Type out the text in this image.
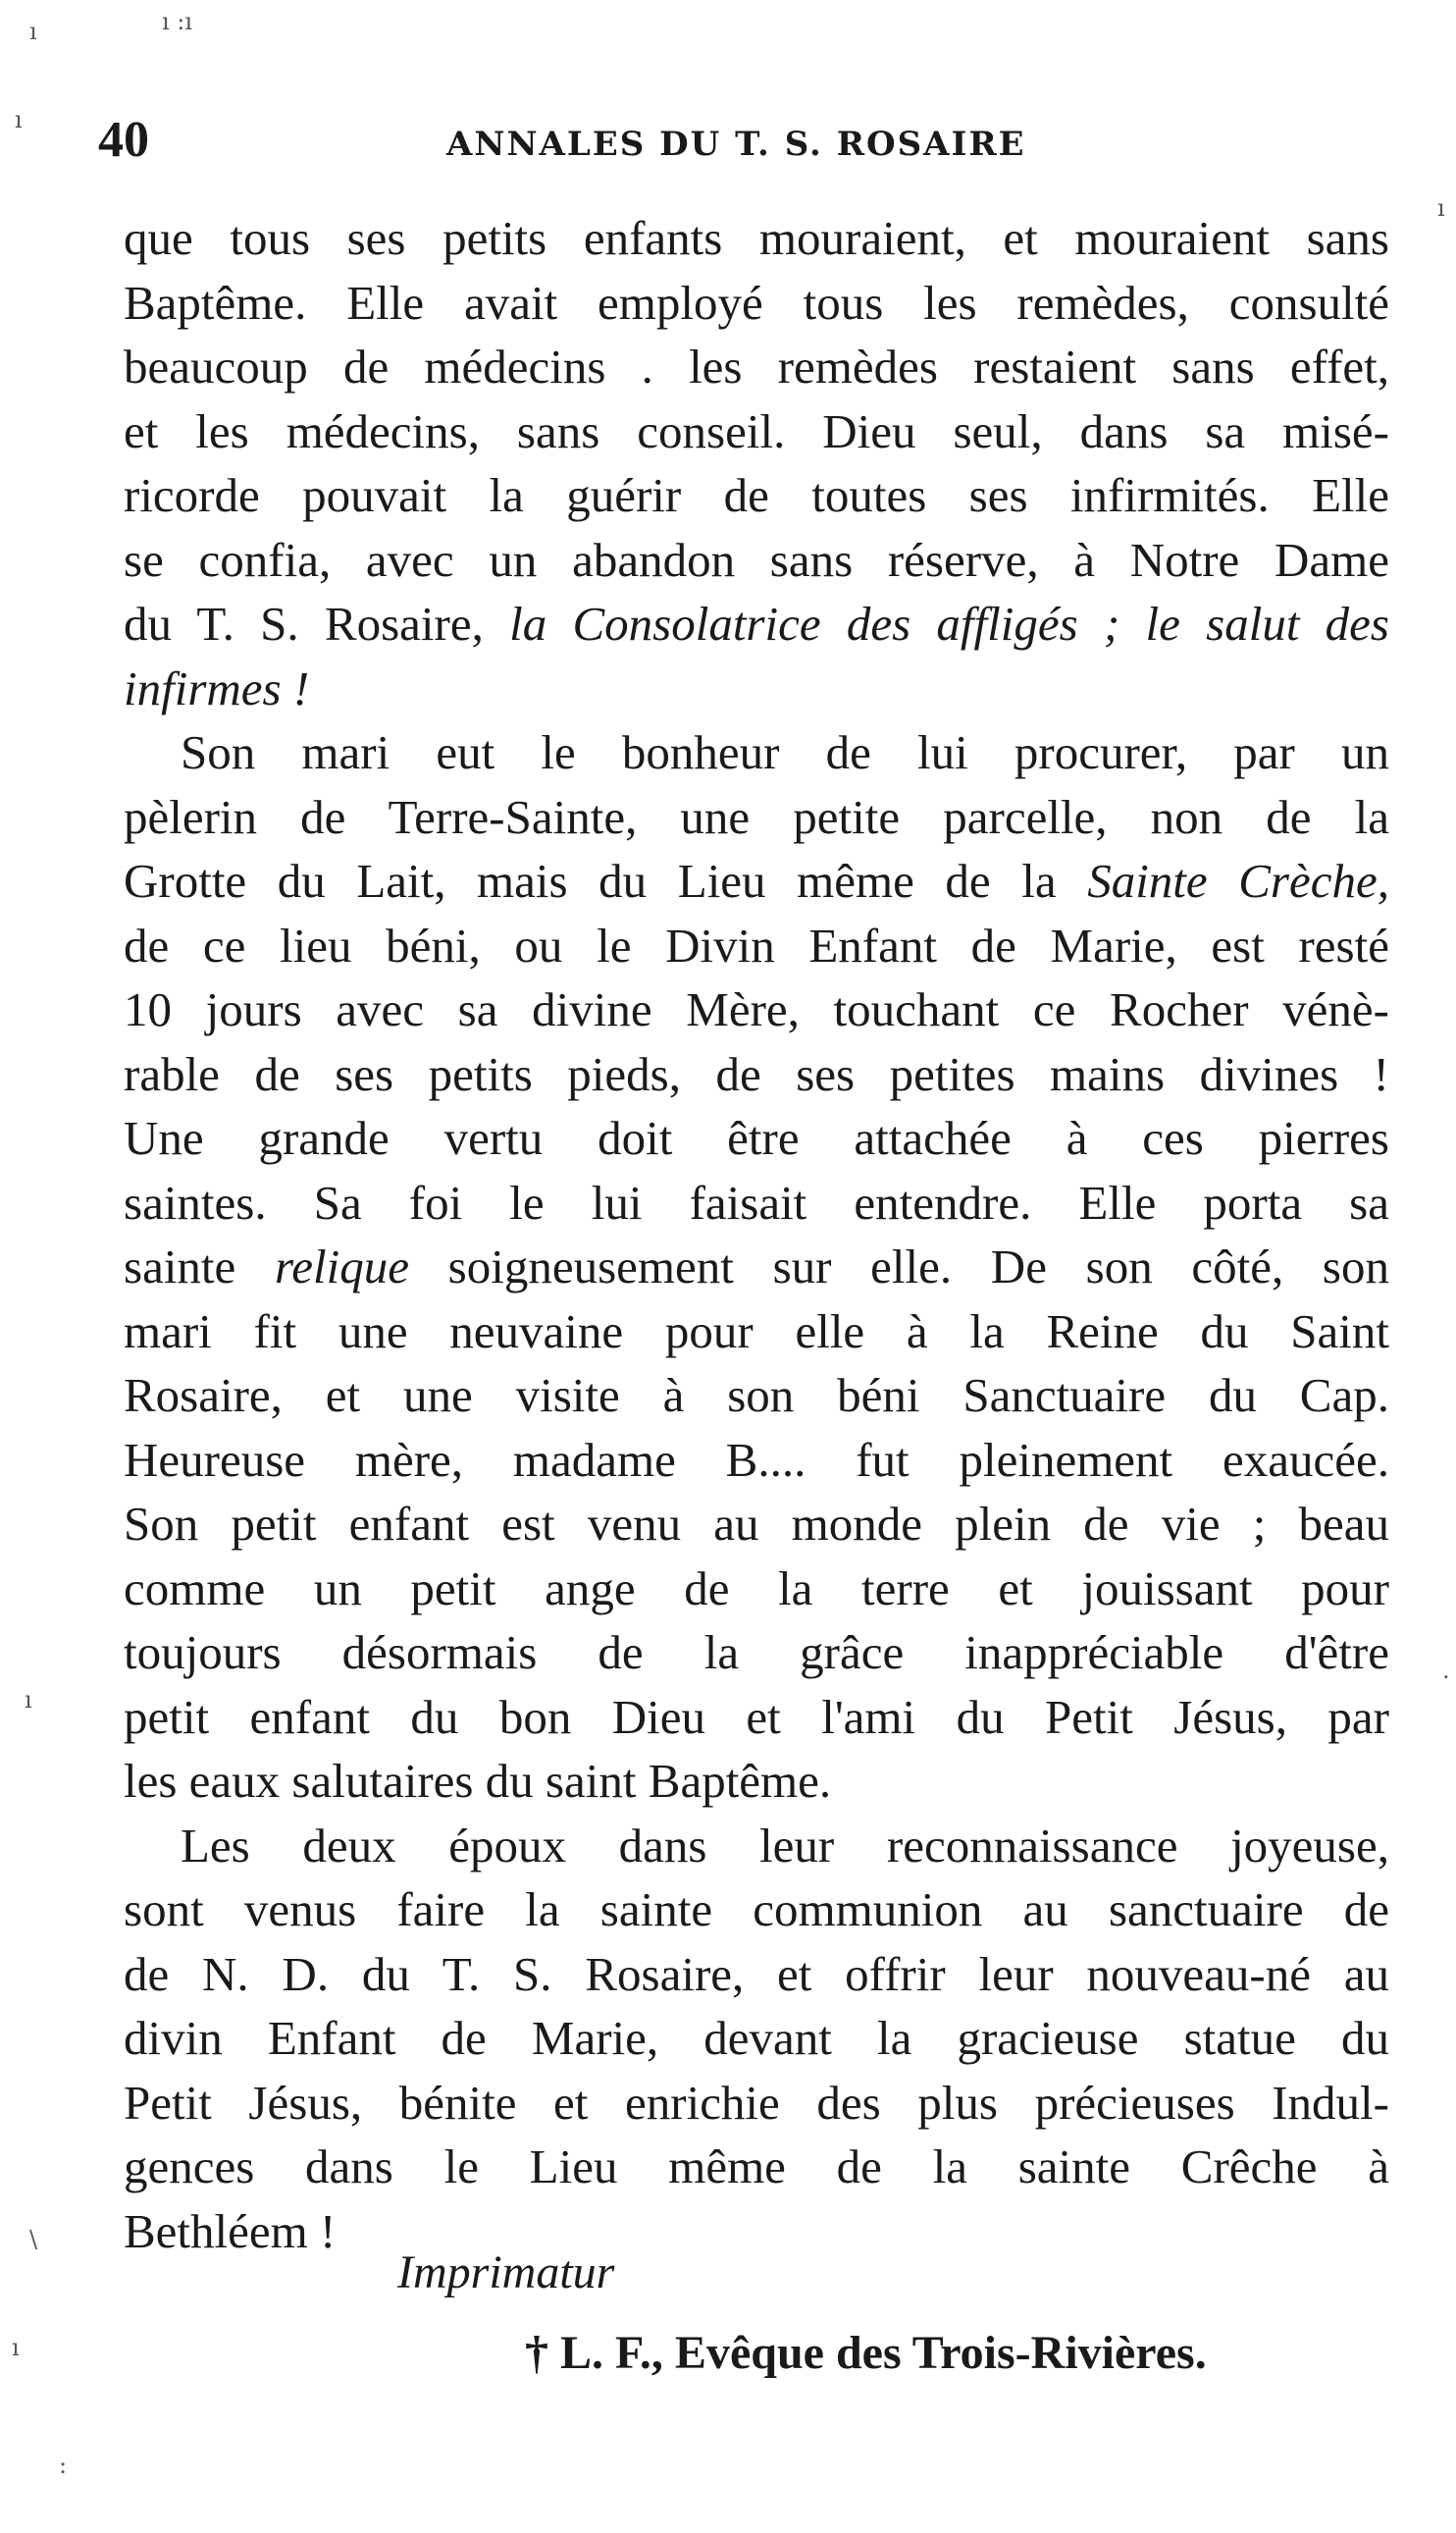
ı	ı :ı
ı
ı
.
ı
\
ı
:
40	ANNALES DU T. S. ROSAIRE
que tous ses petits enfants mouraient, et mouraient sans
Baptême. Elle avait employé tous les remèdes, consulté
beaucoup de médecins . les remèdes restaient sans effet,
et les médecins, sans conseil. Dieu seul, dans sa misé-
ricorde pouvait la guérir de toutes ses infirmités. Elle
se confia, avec un abandon sans réserve, à Notre Dame
du T. S. Rosaire, la Consolatrice des affligés ; le salut des
infirmes !
Son mari eut le bonheur de lui procurer, par un
pèlerin de Terre-Sainte, une petite parcelle, non de la
Grotte du Lait, mais du Lieu même de la Sainte Crèche,
de ce lieu béni, ou le Divin Enfant de Marie, est resté
10 jours avec sa divine Mère, touchant ce Rocher vénè-
rable de ses petits pieds, de ses petites mains divines !
Une grande vertu doit être attachée à ces pierres
saintes. Sa foi le lui faisait entendre. Elle porta sa
sainte relique soigneusement sur elle. De son côté, son
mari fit une neuvaine pour elle à la Reine du Saint
Rosaire, et une visite à son béni Sanctuaire du Cap.
Heureuse mère, madame B.... fut pleinement exaucée.
Son petit enfant est venu au monde plein de vie ; beau
comme un petit ange de la terre et jouissant pour
toujours désormais de la grâce inappréciable d'être
petit enfant du bon Dieu et l'ami du Petit Jésus, par
les eaux salutaires du saint Baptême.
Les deux époux dans leur reconnaissance joyeuse,
sont venus faire la sainte communion au sanctuaire de
de N. D. du T. S. Rosaire, et offrir leur nouveau-né au
divin Enfant de Marie, devant la gracieuse statue du
Petit Jésus, bénite et enrichie des plus précieuses Indul-
gences dans le Lieu même de la sainte Crêche à
Bethléem !
Imprimatur
† L. F., Evêque des Trois-Rivières.
